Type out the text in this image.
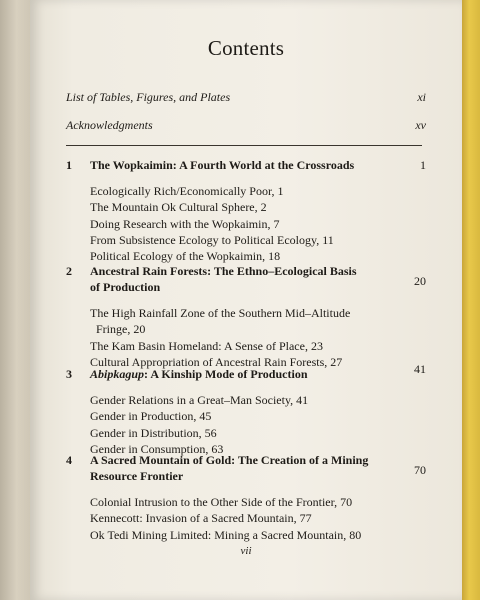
Contents
List of Tables, Figures, and Plates	xi
Acknowledgments	xv
1	The Wopkaimin: A Fourth World at the Crossroads	1
Ecologically Rich/Economically Poor, 1
The Mountain Ok Cultural Sphere, 2
Doing Research with the Wopkaimin, 7
From Subsistence Ecology to Political Ecology, 11
Political Ecology of the Wopkaimin, 18
2	Ancestral Rain Forests: The Ethno–Ecological Basis
of Production	20
The High Rainfall Zone of the Southern Mid–Altitude
Fringe, 20
The Kam Basin Homeland: A Sense of Place, 23
Cultural Appropriation of Ancestral Rain Forests, 27
3	Abipkagup: A Kinship Mode of Production	41
Gender Relations in a Great–Man Society, 41
Gender in Production, 45
Gender in Distribution, 56
Gender in Consumption, 63
4	A Sacred Mountain of Gold: The Creation of a Mining
Resource Frontier	70
Colonial Intrusion to the Other Side of the Frontier, 70
Kennecott: Invasion of a Sacred Mountain, 77
Ok Tedi Mining Limited: Mining a Sacred Mountain, 80
vii
